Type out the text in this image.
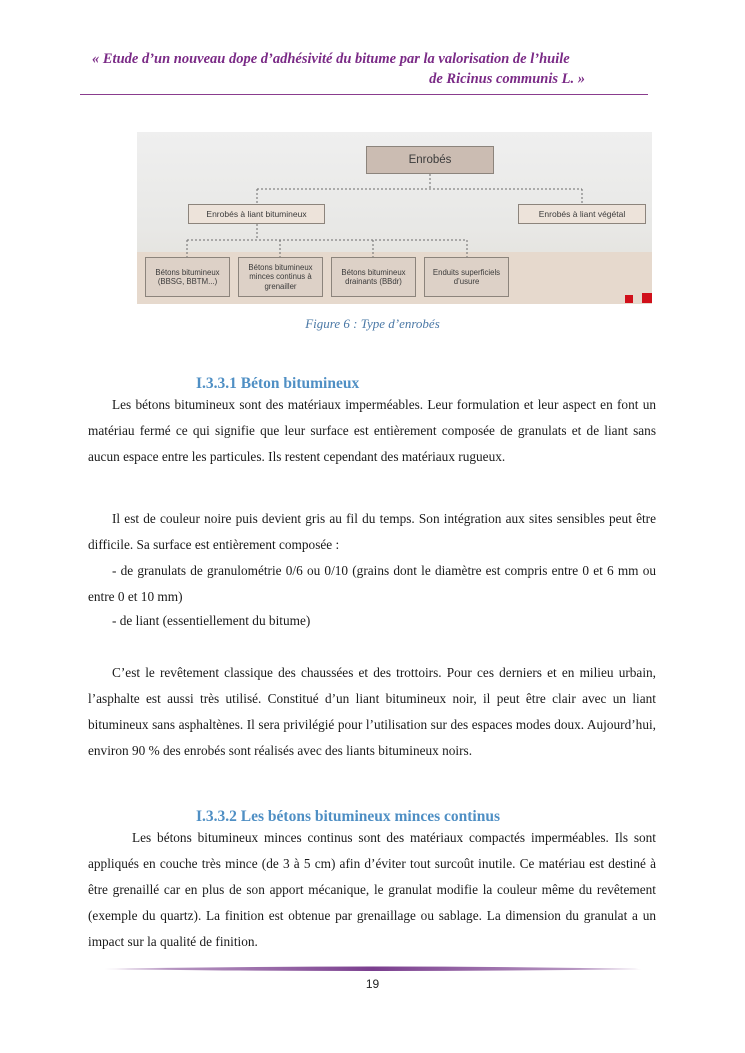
« Etude d’un nouveau dope d’adhésivité du bitume par la valorisation de l’huile
de Ricinus communis L. »
Enrobés
Enrobés à liant bitumineux	Enrobés à liant végétal
Bétons bitumineux (BBSG, BBTM...)
Bétons bitumineux minces continus à grenailler
Bétons bitumineux drainants (BBdr)
Enduits superficiels d’usure
Figure 6 : Type d’enrobés
I.3.3.1 Béton bitumineux
Les bétons bitumineux sont des matériaux imperméables. Leur formulation et leur aspect en font un matériau fermé ce qui signifie que leur surface est entièrement composée de granulats et de liant sans aucun espace entre les particules. Ils restent cependant des matériaux rugueux.
Il est de couleur noire puis devient gris au fil du temps. Son intégration aux sites sensibles peut être difficile. Sa surface est entièrement composée :
- de granulats de granulométrie 0/6 ou 0/10 (grains dont le diamètre est compris entre 0 et 6 mm ou entre 0 et 10 mm)
- de liant (essentiellement du bitume)
C’est le revêtement classique des chaussées et des trottoirs. Pour ces derniers et en milieu urbain, l’asphalte est aussi très utilisé. Constitué d’un liant bitumineux noir, il peut être clair avec un liant bitumineux sans asphaltènes. Il sera privilégié pour l’utilisation sur des espaces modes doux. Aujourd’hui, environ 90 % des enrobés sont réalisés avec des liants bitumineux noirs.
I.3.3.2 Les bétons bitumineux minces continus
Les bétons bitumineux minces continus sont des matériaux compactés imperméables. Ils sont appliqués en couche très mince (de 3 à 5 cm) afin d’éviter tout surcoût inutile. Ce matériau est destiné à être grenaillé car en plus de son apport mécanique, le granulat modifie la couleur même du revêtement (exemple du quartz). La finition est obtenue par grenaillage ou sablage. La dimension du granulat a un impact sur la qualité de finition.
19
